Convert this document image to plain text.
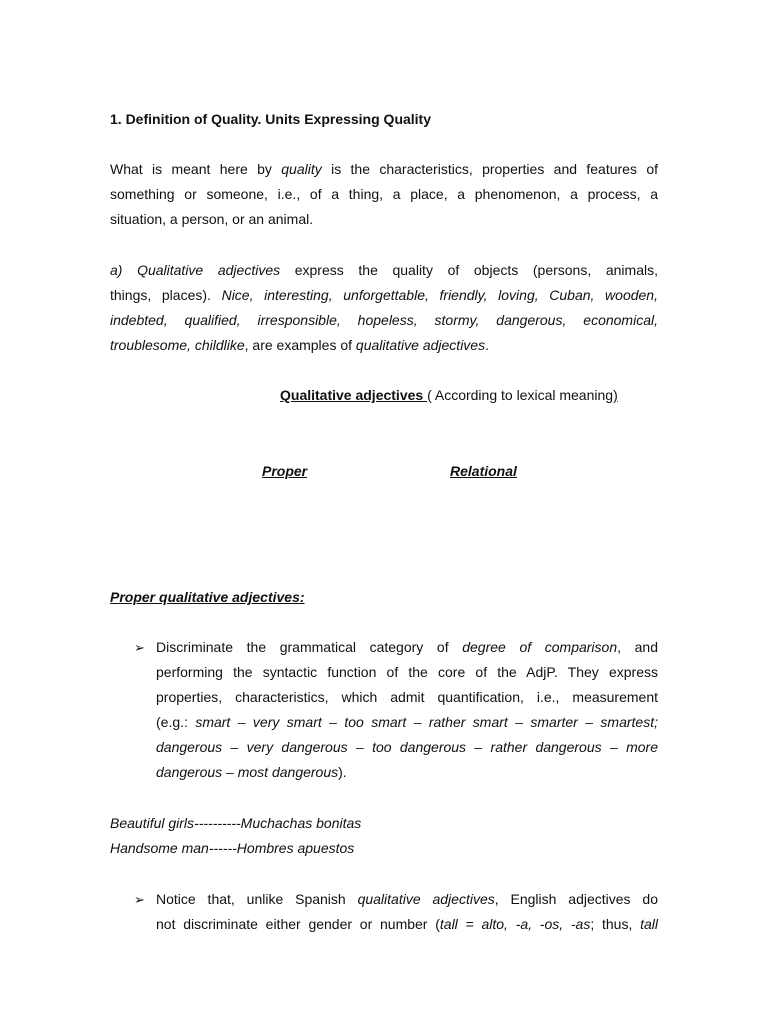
1. Definition of Quality. Units Expressing Quality
What is meant here by quality is the characteristics, properties and features of
something or someone, i.e., of a thing, a place, a phenomenon, a process, a
situation, a person, or an animal.
a) Qualitative adjectives express the quality of objects (persons, animals,
things, places). Nice, interesting, unforgettable, friendly, loving, Cuban, wooden,
indebted, qualified, irresponsible, hopeless, stormy, dangerous, economical,
troublesome, childlike, are examples of qualitative adjectives.
Qualitative adjectives ( According to lexical meaning)
Proper	Relational
Proper qualitative adjectives:
➢ Discriminate the grammatical category of degree of comparison, and
performing the syntactic function of the core of the AdjP. They express
properties, characteristics, which admit quantification, i.e., measurement
(e.g.: smart – very smart – too smart – rather smart – smarter – smartest;
dangerous – very dangerous – too dangerous – rather dangerous – more
dangerous – most dangerous).
Beautiful girls----------Muchachas bonitas
Handsome man------Hombres apuestos
➢ Notice that, unlike Spanish qualitative adjectives, English adjectives do
not discriminate either gender or number (tall = alto, -a, -os, -as; thus, tall
